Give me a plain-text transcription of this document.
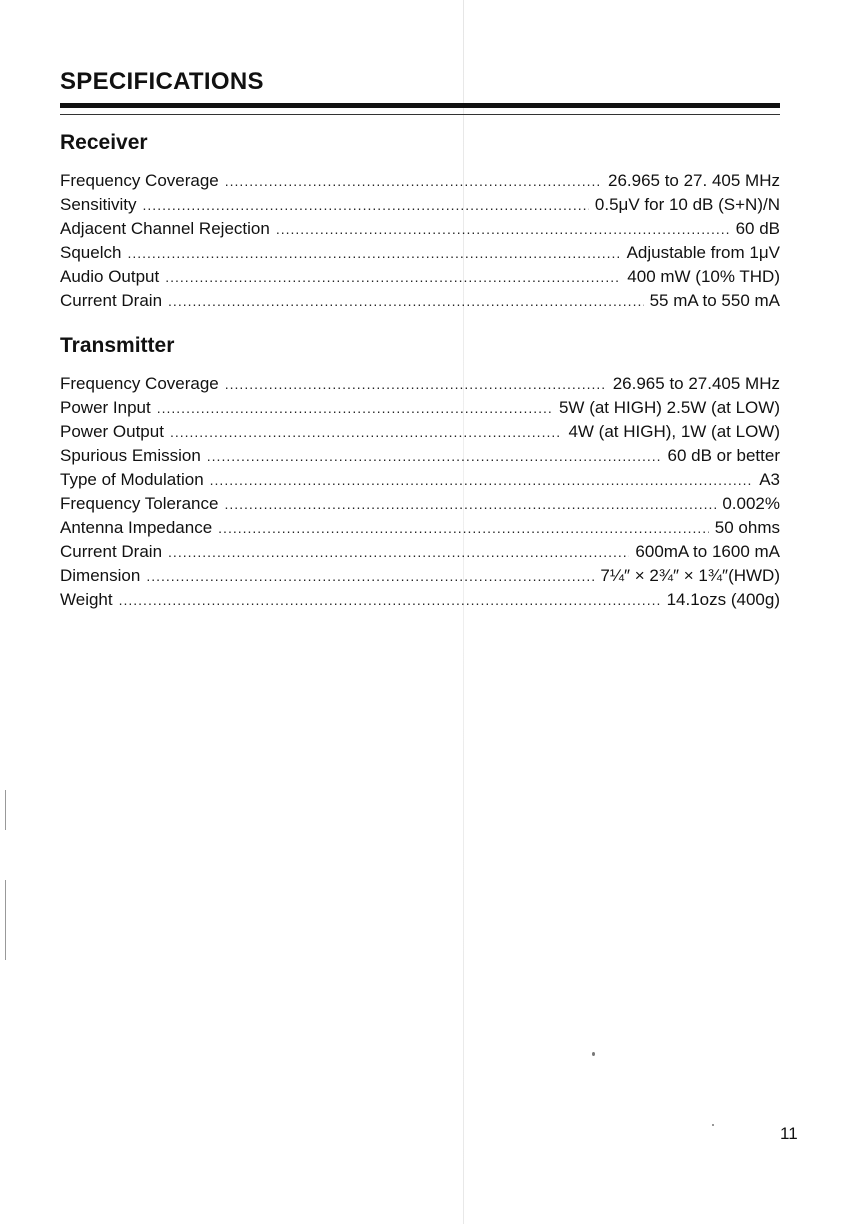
SPECIFICATIONS
Receiver
Frequency Coverage .....	26.965 to 27. 405 MHz
Sensitivity .....	0.5μV for 10 dB (S+N)/N
Adjacent Channel Rejection .....	60 dB
Squelch .....	Adjustable from 1μV
Audio Output .....	400 mW (10% THD)
Current Drain .....	55 mA to 550 mA
Transmitter
Frequency Coverage .....	26.965 to 27.405 MHz
Power Input .....	5W (at HIGH) 2.5W (at LOW)
Power Output .....	4W (at HIGH), 1W (at LOW)
Spurious Emission .....	60 dB or better
Type of Modulation .....	A3
Frequency Tolerance .....	0.002%
Antenna Impedance .....	50 ohms
Current Drain .....	600mA to 1600 mA
Dimension .....	7¼″ × 2¾″ × 1¾″(HWD)
Weight .....	14.1ozs (400g)
11
